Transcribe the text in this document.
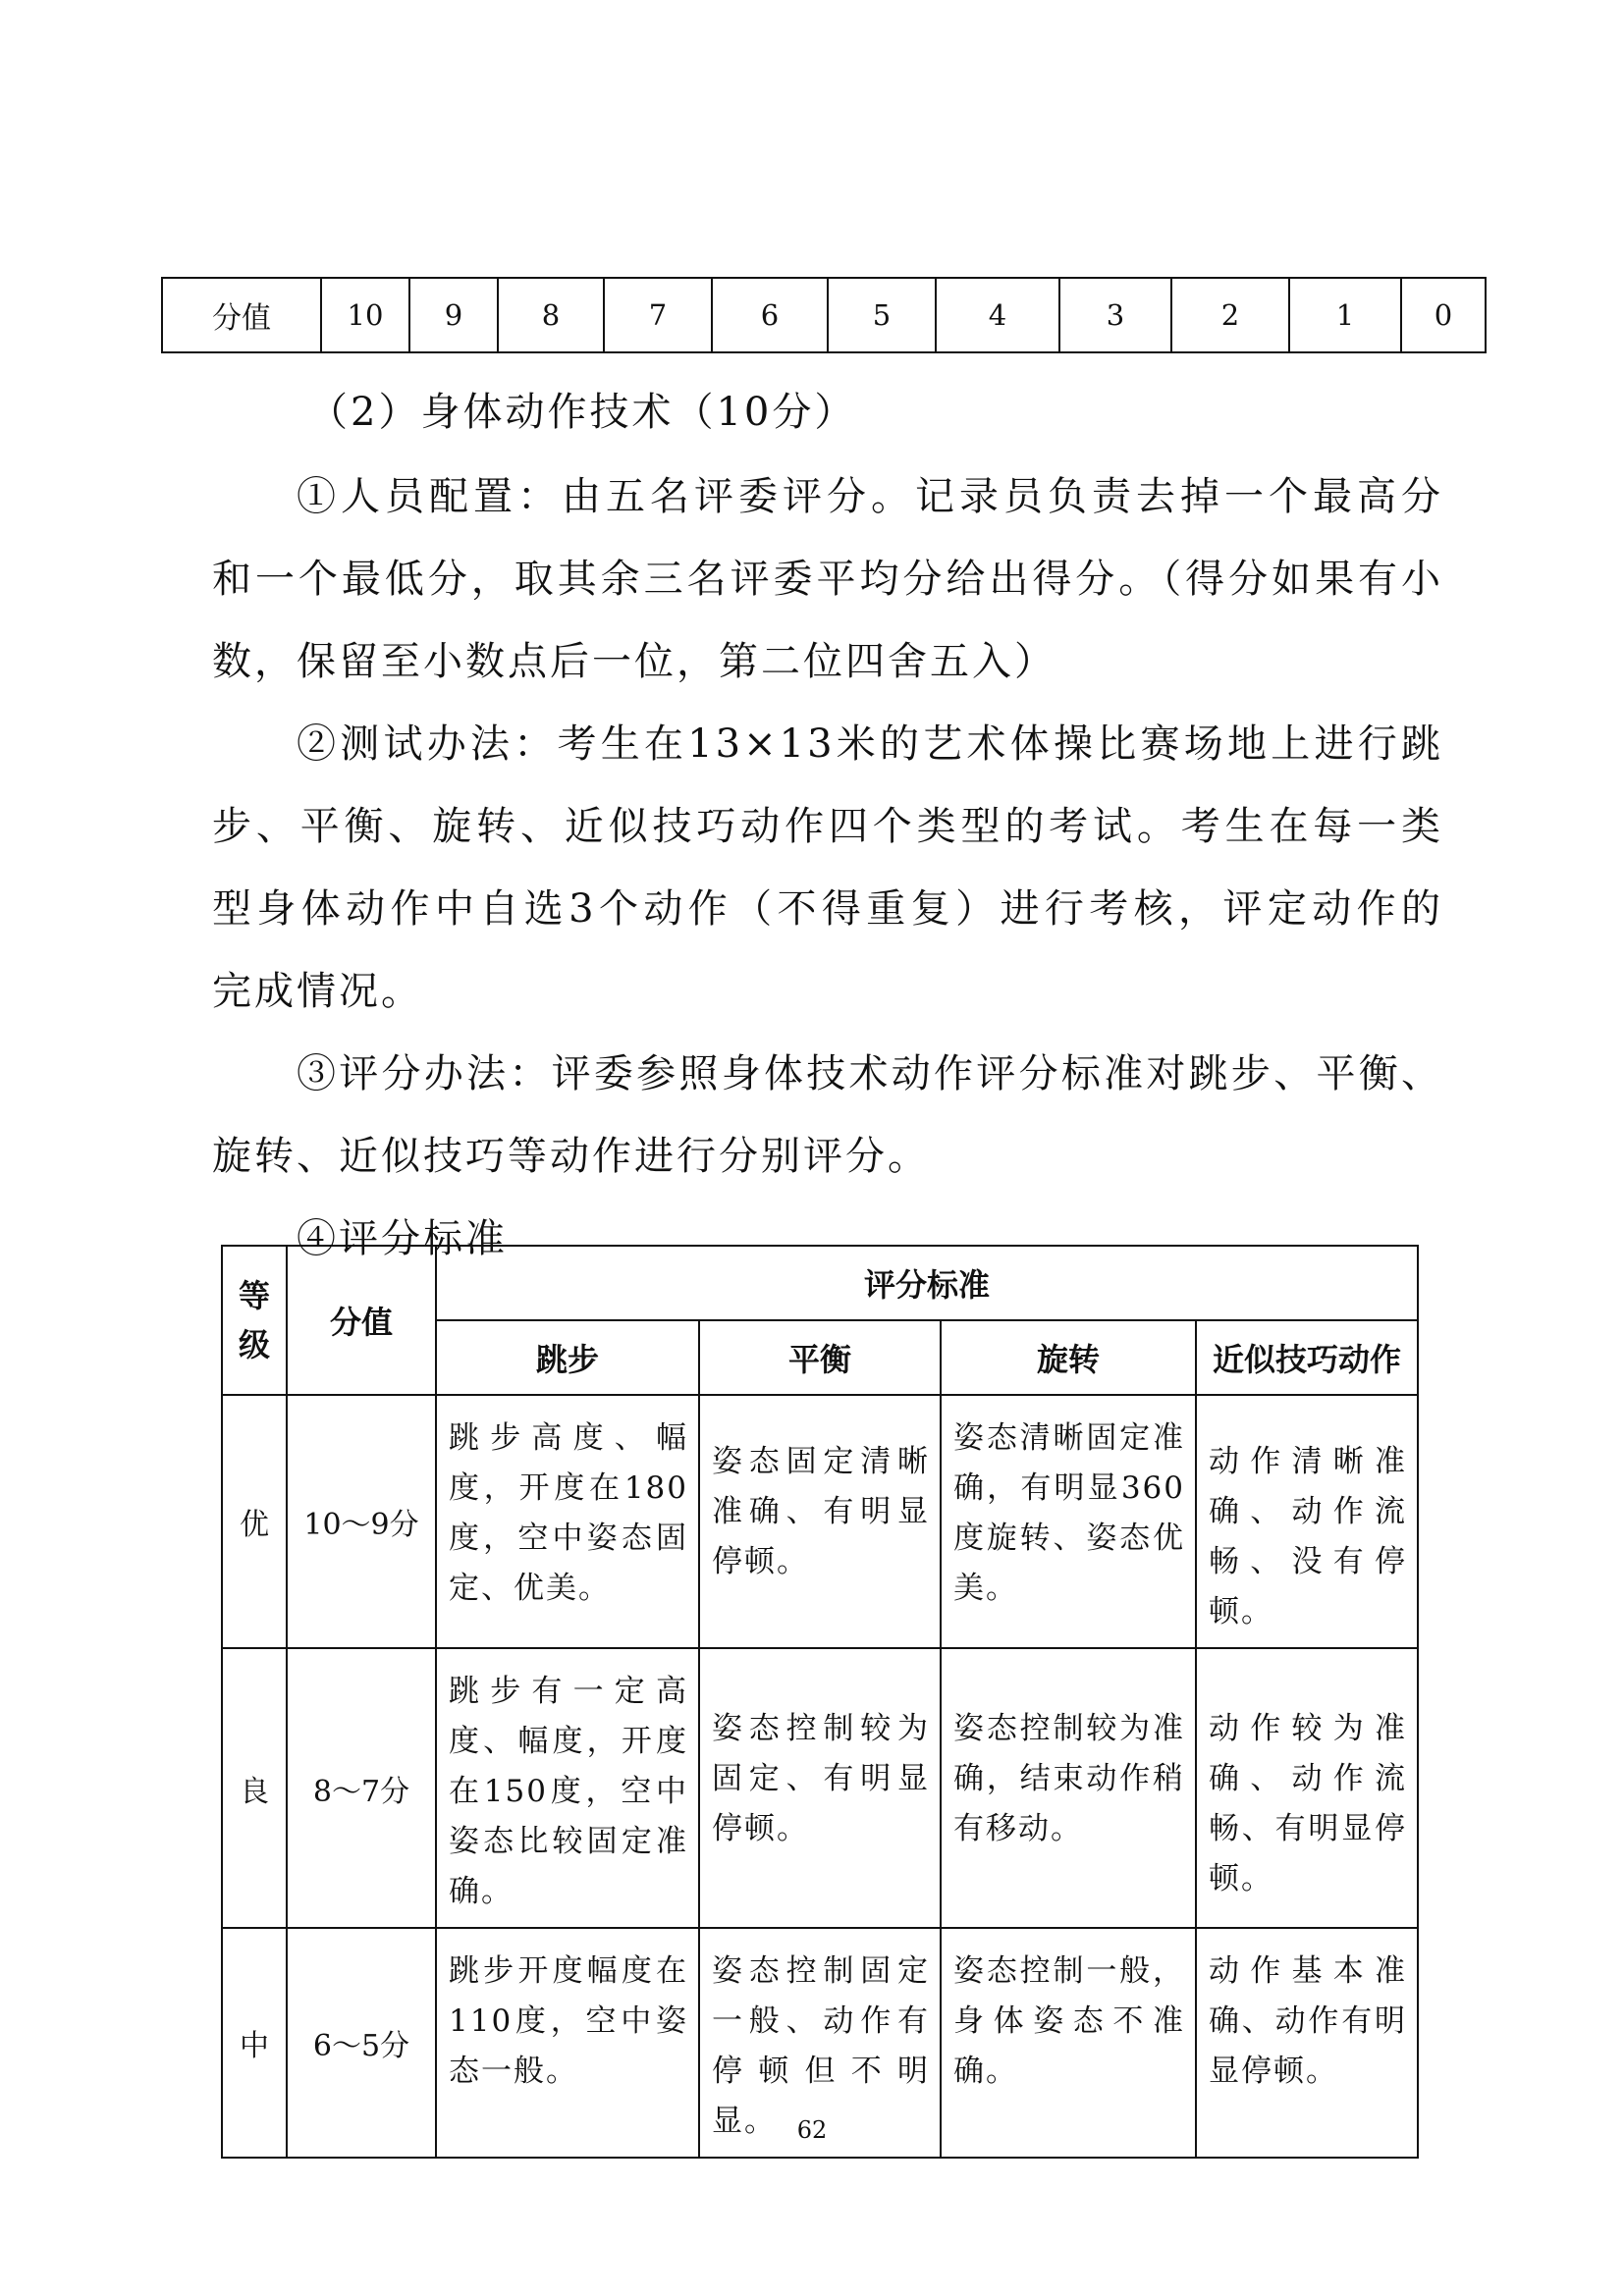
分值	10	9	8	7	6	5	4	3	2	1	0
（2）身体动作技术（10分）
①人员配置：由五名评委评分。记录员负责去掉一个最高分
和一个最低分，取其余三名评委平均分给出得分。（得分如果有小
数，保留至小数点后一位，第二位四舍五入）
②测试办法：考生在13×13米的艺术体操比赛场地上进行跳
步、平衡、旋转、近似技巧动作四个类型的考试。考生在每一类
型身体动作中自选3个动作（不得重复）进行考核，评定动作的
完成情况。
③评分办法：评委参照身体技术动作评分标准对跳步、平衡、
旋转、近似技巧等动作进行分别评分。
④评分标准
等级	分值	评分标准			
		跳步	平衡	旋转	近似技巧动作
优	10～9分	跳步高度、幅度，开度在180度，空中姿态固定、优美。	姿态固定清晰准确、有明显停顿。	姿态清晰固定准确，有明显360度旋转、姿态优美。	动作清晰准确、动作流畅、没有停顿。
良	8～7分	跳步有一定高度、幅度，开度在150度，空中姿态比较固定准确。	姿态控制较为固定、有明显停顿。	姿态控制较为准确，结束动作稍有移动。	动作较为准确、动作流畅、有明显停顿。
中	6～5分	跳步开度幅度在110度，空中姿态一般。	姿态控制固定一般、动作有停顿但不明显。	姿态控制一般，身体姿态不准确。	动作基本准确、动作有明显停顿。
62
